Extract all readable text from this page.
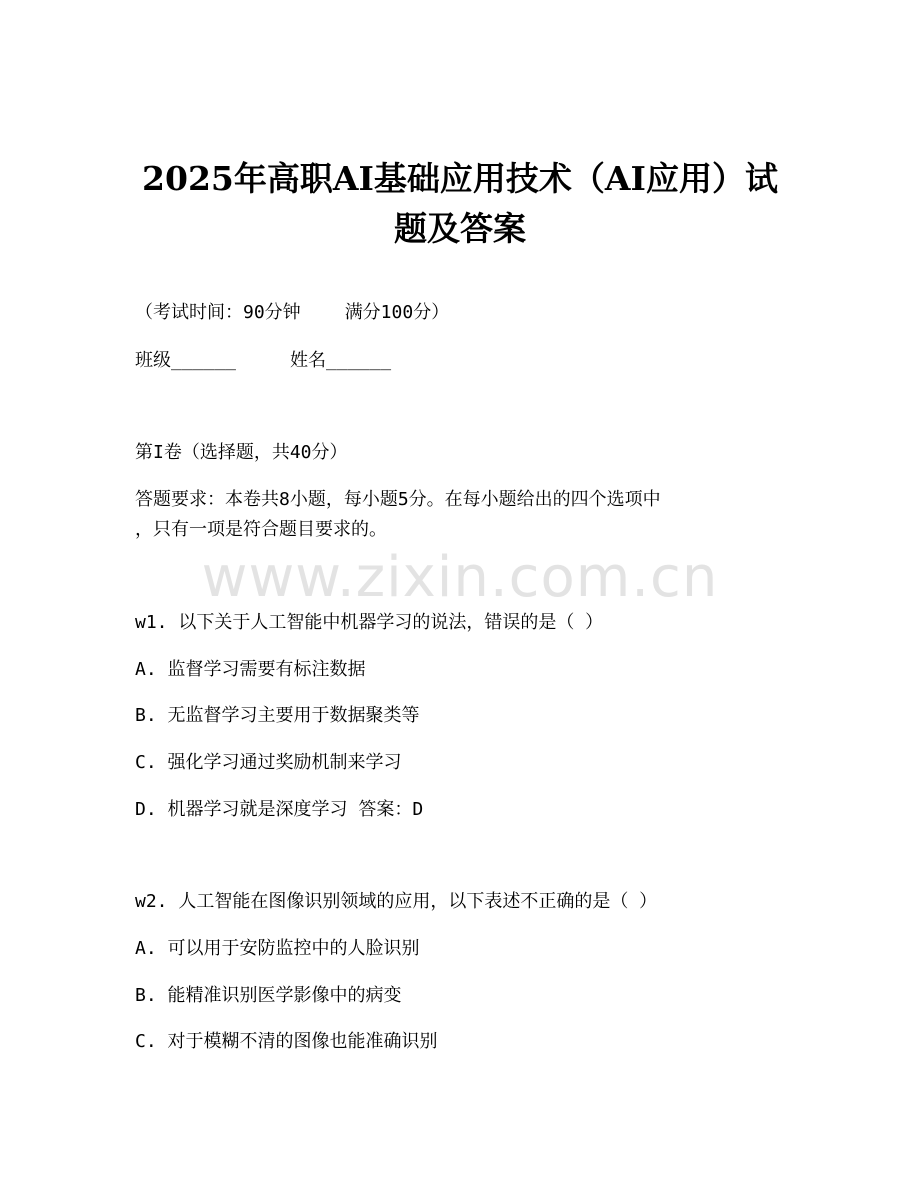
2025年高职AI基础应用技术（AI应用）试
题及答案
（考试时间：90分钟 满分100分）
班级______	姓名______
第I卷（选择题，共40分）
答题要求：本卷共8小题，每小题5分。在每小题给出的四个选项中
，只有一项是符合题目要求的。
www.zixin.com.cn
w1. 以下关于人工智能中机器学习的说法，错误的是（ ）
A. 监督学习需要有标注数据
B. 无监督学习主要用于数据聚类等
C. 强化学习通过奖励机制来学习
D. 机器学习就是深度学习 答案：D
w2. 人工智能在图像识别领域的应用，以下表述不正确的是（ ）
A. 可以用于安防监控中的人脸识别
B. 能精准识别医学影像中的病变
C. 对于模糊不清的图像也能准确识别
